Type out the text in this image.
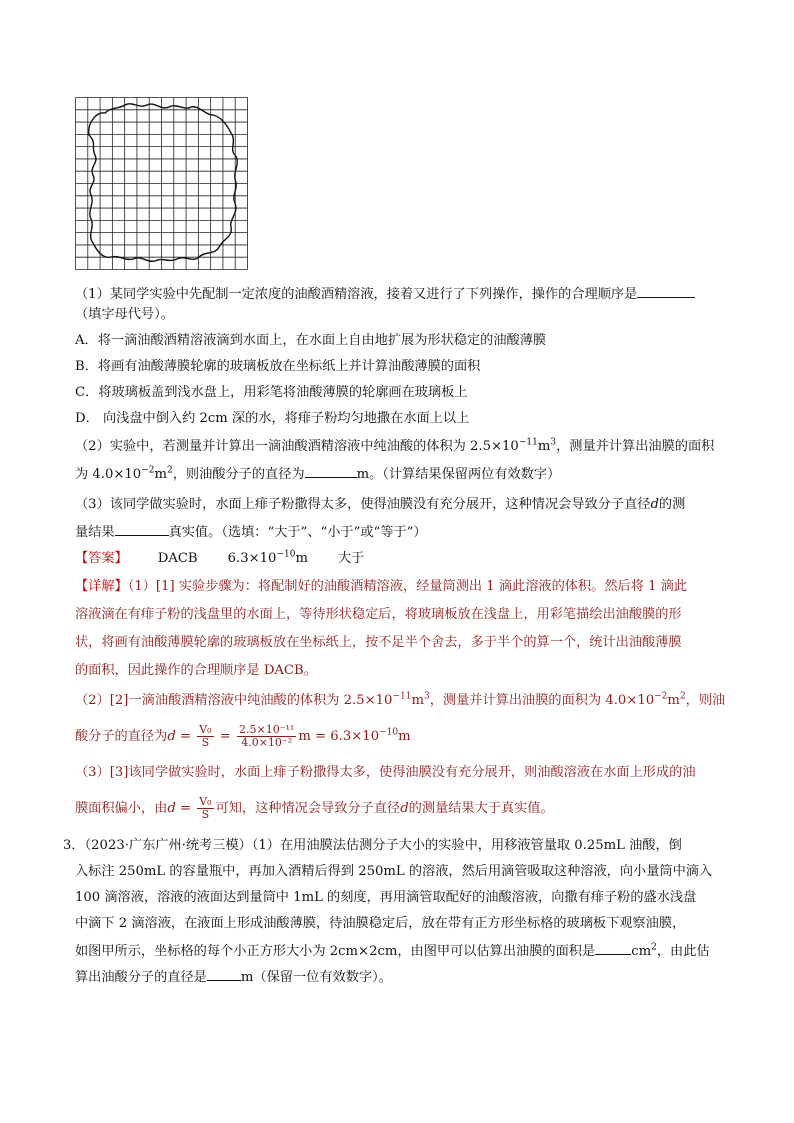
（1）某同学实验中先配制一定浓度的油酸酒精溶液，接着又进行了下列操作，操作的合理顺序是
（填字母代号）。
A．将一滴油酸酒精溶液滴到水面上，在水面上自由地扩展为形状稳定的油酸薄膜
B．将画有油酸薄膜轮廓的玻璃板放在坐标纸上并计算油酸薄膜的面积
C．将玻璃板盖到浅水盘上，用彩笔将油酸薄膜的轮廓画在玻璃板上
D． 向浅盘中倒入约 2cm 深的水，将痱子粉均匀地撒在水面上以上
（2）实验中，若测量并计算出一滴油酸酒精溶液中纯油酸的体积为 $2.5\times 10^{-11}m^3$，测量并计算出油膜的面积
为 $4.0\times 10^{-2}m^2$，则油酸分子的直径为	m。（计算结果保留两位有效数字）
（3）该同学做实验时，水面上痱子粉撒得太多，使得油膜没有充分展开，这种情况会导致分子直径d的测
量结果	真实值。（选填：“大于”、“小于”或“等于”）
【答案】 DACB $6.3\times 10^{-10}m$ 大于
【详解】（1）[1] 实验步骤为：将配制好的油酸酒精溶液，经量筒测出 1 滴此溶液的体积。然后将 1 滴此
溶液滴在有痱子粉的浅盘里的水面上，等待形状稳定后，将玻璃板放在浅盘上，用彩笔描绘出油酸膜的形
状，将画有油酸薄膜轮廓的玻璃板放在坐标纸上，按不足半个舍去，多于半个的算一个，统计出油酸薄膜
的面积，因此操作的合理顺序是 DACB。
（2）[2]一滴油酸酒精溶液中纯油酸的体积为 $2.5\times 10^{-11}m^3$，测量并计算出油膜的面积为 $4.0\times 10^{-2}m^2$，则油
酸分子的直径为$d = \frac{\text{V₀}}{S} = \frac{\text{2.5×10⁻¹¹}}{\text{4.0×10⁻²}}$ $m = 6.3\times 10^{-10}m$
（3）[3]该同学做实验时，水面上痱子粉撒得太多，使得油膜没有充分展开，则油酸溶液在水面上形成的油
膜面积偏小，由$d = \frac{\text{V₀}}{S}$ 可知，这种情况会导致分子直径d的测量结果大于真实值。
3．（2023·广东广州·统考三模）（1）在用油膜法估测分子大小的实验中，用移液管量取 0.25mL 油酸，倒
入标注 250mL 的容量瓶中，再加入酒精后得到 250mL 的溶液，然后用滴管吸取这种溶液，向小量筒中滴入
100 滴溶液，溶液的液面达到量筒中 1mL 的刻度，再用滴管取配好的油酸溶液，向撒有痱子粉的盛水浅盘
中滴下 2 滴溶液，在液面上形成油酸薄膜，待油膜稳定后，放在带有正方形坐标格的玻璃板下观察油膜，
如图甲所示，坐标格的每个小正方形大小为 2cm×2cm，由图甲可以估算出油膜的面积是	$cm^2$，由此估
算出油酸分子的直径是	m（保留一位有效数字）。
